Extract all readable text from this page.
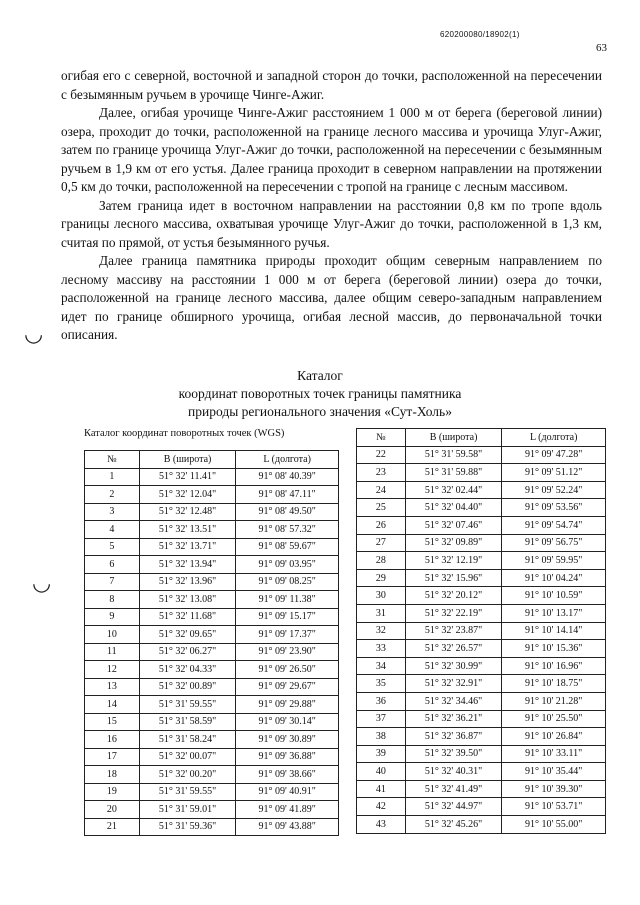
620200080/18902(1)
63

огибая его с северной, восточной и западной сторон до точки, расположенной на пересечении с безымянным ручьем в урочище Чинге-Ажиг.

Далее, огибая урочище Чинге-Ажиг расстоянием 1 000 м от берега (береговой линии) озера, проходит до точки, расположенной на границе лесного массива и урочища Улуг-Ажиг, затем по границе урочища Улуг-Ажиг до точки, расположенной на пересечении с безымянным ручьем в 1,9 км от его устья. Далее граница проходит в северном направлении на протяжении 0,5 км до точки, расположенной на пересечении с тропой на границе с лесным массивом.

Затем граница идет в восточном направлении на расстоянии 0,8 км по тропе вдоль границы лесного массива, охватывая урочище Улуг-Ажиг до точки, расположенной в 1,3 км, считая по прямой, от устья безымянного ручья.

Далее граница памятника природы проходит общим северным направлением по лесному массиву на расстоянии 1 000 м от берега (береговой линии) озера до точки, расположенной на границе лесного массива, далее общим северо-западным направлением идет по границе обширного урочища, огибая лесной массив, до первоначальной точки описания.

◡
◡
Каталог
координат поворотных точек границы памятника
природы регионального значения «Сут-Холь»
Каталог координат поворотных точек (WGS)
№	B (широта)	L (долгота)
1	51° 32' 11.41"	91° 08' 40.39"
2	51° 32' 12.04"	91° 08' 47.11"
3	51° 32' 12.48"	91° 08' 49.50"
4	51° 32' 13.51"	91° 08' 57.32"
5	51° 32' 13.71"	91° 08' 59.67"
6	51° 32' 13.94"	91° 09' 03.95"
7	51° 32' 13.96"	91° 09' 08.25"
8	51° 32' 13.08"	91° 09' 11.38"
9	51° 32' 11.68"	91° 09' 15.17"
10	51° 32' 09.65"	91° 09' 17.37"
11	51° 32' 06.27"	91° 09' 23.90"
12	51° 32' 04.33"	91° 09' 26.50"
13	51° 32' 00.89"	91° 09' 29.67"
14	51° 31' 59.55"	91° 09' 29.88"
15	51° 31' 58.59"	91° 09' 30.14"
16	51° 31' 58.24"	91° 09' 30.89"
17	51° 32' 00.07"	91° 09' 36.88"
18	51° 32' 00.20"	91° 09' 38.66"
19	51° 31' 59.55"	91° 09' 40.91"
20	51° 31' 59.01"	91° 09' 41.89"
21	51° 31' 59.36"	91° 09' 43.88"
№	B (широта)	L (долгота)
22	51° 31' 59.58"	91° 09' 47.28"
23	51° 31' 59.88"	91° 09' 51.12"
24	51° 32' 02.44"	91° 09' 52.24"
25	51° 32' 04.40"	91° 09' 53.56"
26	51° 32' 07.46"	91° 09' 54.74"
27	51° 32' 09.89"	91° 09' 56.75"
28	51° 32' 12.19"	91° 09' 59.95"
29	51° 32' 15.96"	91° 10' 04.24"
30	51° 32' 20.12"	91° 10' 10.59"
31	51° 32' 22.19"	91° 10' 13.17"
32	51° 32' 23.87"	91° 10' 14.14"
33	51° 32' 26.57"	91° 10' 15.36"
34	51° 32' 30.99"	91° 10' 16.96"
35	51° 32' 32.91"	91° 10' 18.75"
36	51° 32' 34.46"	91° 10' 21.28"
37	51° 32' 36.21"	91° 10' 25.50"
38	51° 32' 36.87"	91° 10' 26.84"
39	51° 32' 39.50"	91° 10' 33.11"
40	51° 32' 40.31"	91° 10' 35.44"
41	51° 32' 41.49"	91° 10' 39.30"
42	51° 32' 44.97"	91° 10' 53.71"
43	51° 32' 45.26"	91° 10' 55.00"
